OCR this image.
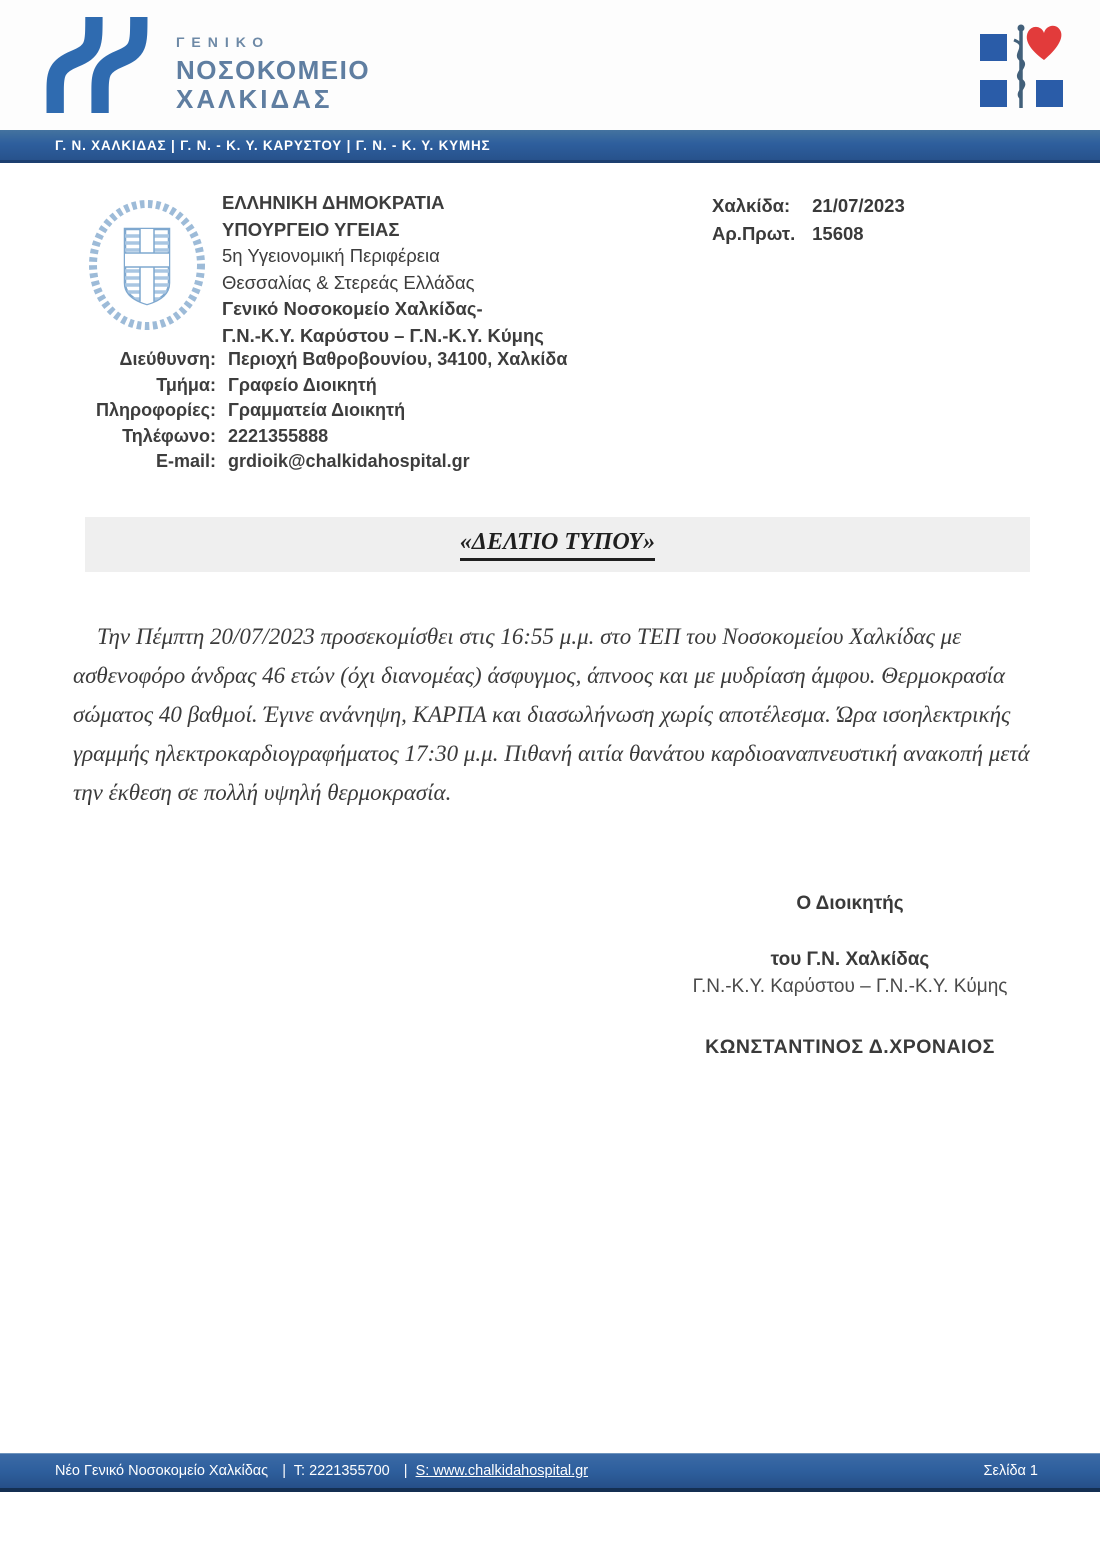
ΓΕΝΙΚΟ
ΝΟΣΟΚΟΜΕΙΟ
ΧΑΛΚΙΔΑΣ
Γ. Ν. ΧΑΛΚΙΔΑΣ | Γ. Ν. - Κ. Υ. ΚΑΡΥΣΤΟΥ | Γ. Ν. - Κ. Υ. ΚΥΜΗΣ
ΕΛΛΗΝΙΚΗ ΔΗΜΟΚΡΑΤΙΑ
ΥΠΟΥΡΓΕΙΟ ΥΓΕΙΑΣ
5η Υγειονομική Περιφέρεια
Θεσσαλίας & Στερεάς Ελλάδας
Γενικό Νοσοκομείο Χαλκίδας-
Γ.Ν.-Κ.Υ. Καρύστου – Γ.Ν.-Κ.Υ. Κύμης
Χαλκίδα: 21/07/2023
Αρ.Πρωτ. 15608
Διεύθυνση: Περιοχή Βαθροβουνίου, 34100, Χαλκίδα
Τμήμα: Γραφείο Διοικητή
Πληροφορίες: Γραμματεία Διοικητή
Τηλέφωνο: 2221355888
E-mail: grdioik@chalkidahospital.gr
«ΔΕΛΤΙΟ ΤΥΠΟΥ»

Την Πέμπτη 20/07/2023 προσεκομίσθει στις 16:55 μ.μ. στο ΤΕΠ του Νοσοκομείου Χαλκίδας με ασθενοφόρο άνδρας 46 ετών (όχι διανομέας) άσφυγμος, άπνοος και με μυδρίαση άμφου. Θερμοκρασία σώματος 40 βαθμοί. Έγινε ανάνηψη, ΚΑΡΠΑ και διασωλήνωση χωρίς αποτέλεσμα. Ώρα ισοηλεκτρικής γραμμής ηλεκτροκαρδιογραφήματος 17:30 μ.μ. Πιθανή αιτία θανάτου καρδιοαναπνευστική ανακοπή μετά την έκθεση σε πολλή υψηλή θερμοκρασία.

Ο Διοικητής
του Γ.Ν. Χαλκίδας
Γ.Ν.-Κ.Υ. Καρύστου – Γ.Ν.-Κ.Υ. Κύμης
ΚΩΝΣΤΑΝΤΙΝΟΣ Δ.ΧΡΟΝΑΙΟΣ
Νέο Γενικό Νοσοκομείο Χαλκίδας | Τ: 2221355700 | S: www.chalkidahospital.gr	Σελίδα 1
